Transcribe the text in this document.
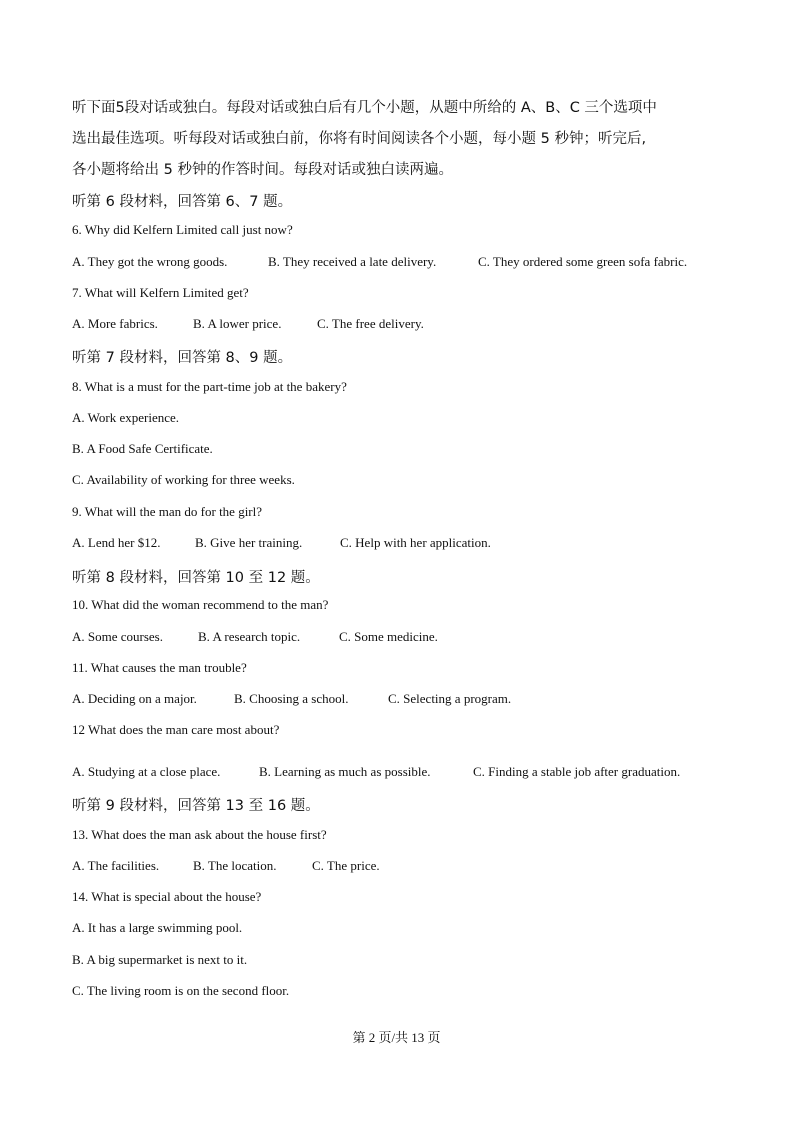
听下面5段对话或独白。每段对话或独白后有几个小题，从题中所给的 A、B、C 三个选项中
选出最佳选项。听每段对话或独白前，你将有时间阅读各个小题，每小题 5 秒钟；听完后,
各小题将给出 5 秒钟的作答时间。每段对话或独白读两遍。
听第 6 段材料，回答第 6、7 题。
6. Why did Kelfern Limited call just now?
A. They got the wrong goods.	B. They received a late delivery.	C. They ordered some green sofa fabric.
7. What will Kelfern Limited get?
A. More fabrics.	B. A lower price.	C. The free delivery.
听第 7 段材料，回答第 8、9 题。
8. What is a must for the part-time job at the bakery?
A. Work experience.
B. A Food Safe Certificate.
C. Availability of working for three weeks.
9. What will the man do for the girl?
A. Lend her $12.	B. Give her training.	C. Help with her application.
听第 8 段材料，回答第 10 至 12 题。
10. What did the woman recommend to the man?
A. Some courses.	B. A research topic.	C. Some medicine.
11. What causes the man trouble?
A. Deciding on a major.	B. Choosing a school.	C. Selecting a program.
12 What does the man care most about?
A. Studying at a close place.	B. Learning as much as possible.	C. Finding a stable job after graduation.
听第 9 段材料，回答第 13 至 16 题。
13. What does the man ask about the house first?
A. The facilities.	B. The location.	C. The price.
14. What is special about the house?
A. It has a large swimming pool.
B. A big supermarket is next to it.
C. The living room is on the second floor.
第 2 页/共 13 页
